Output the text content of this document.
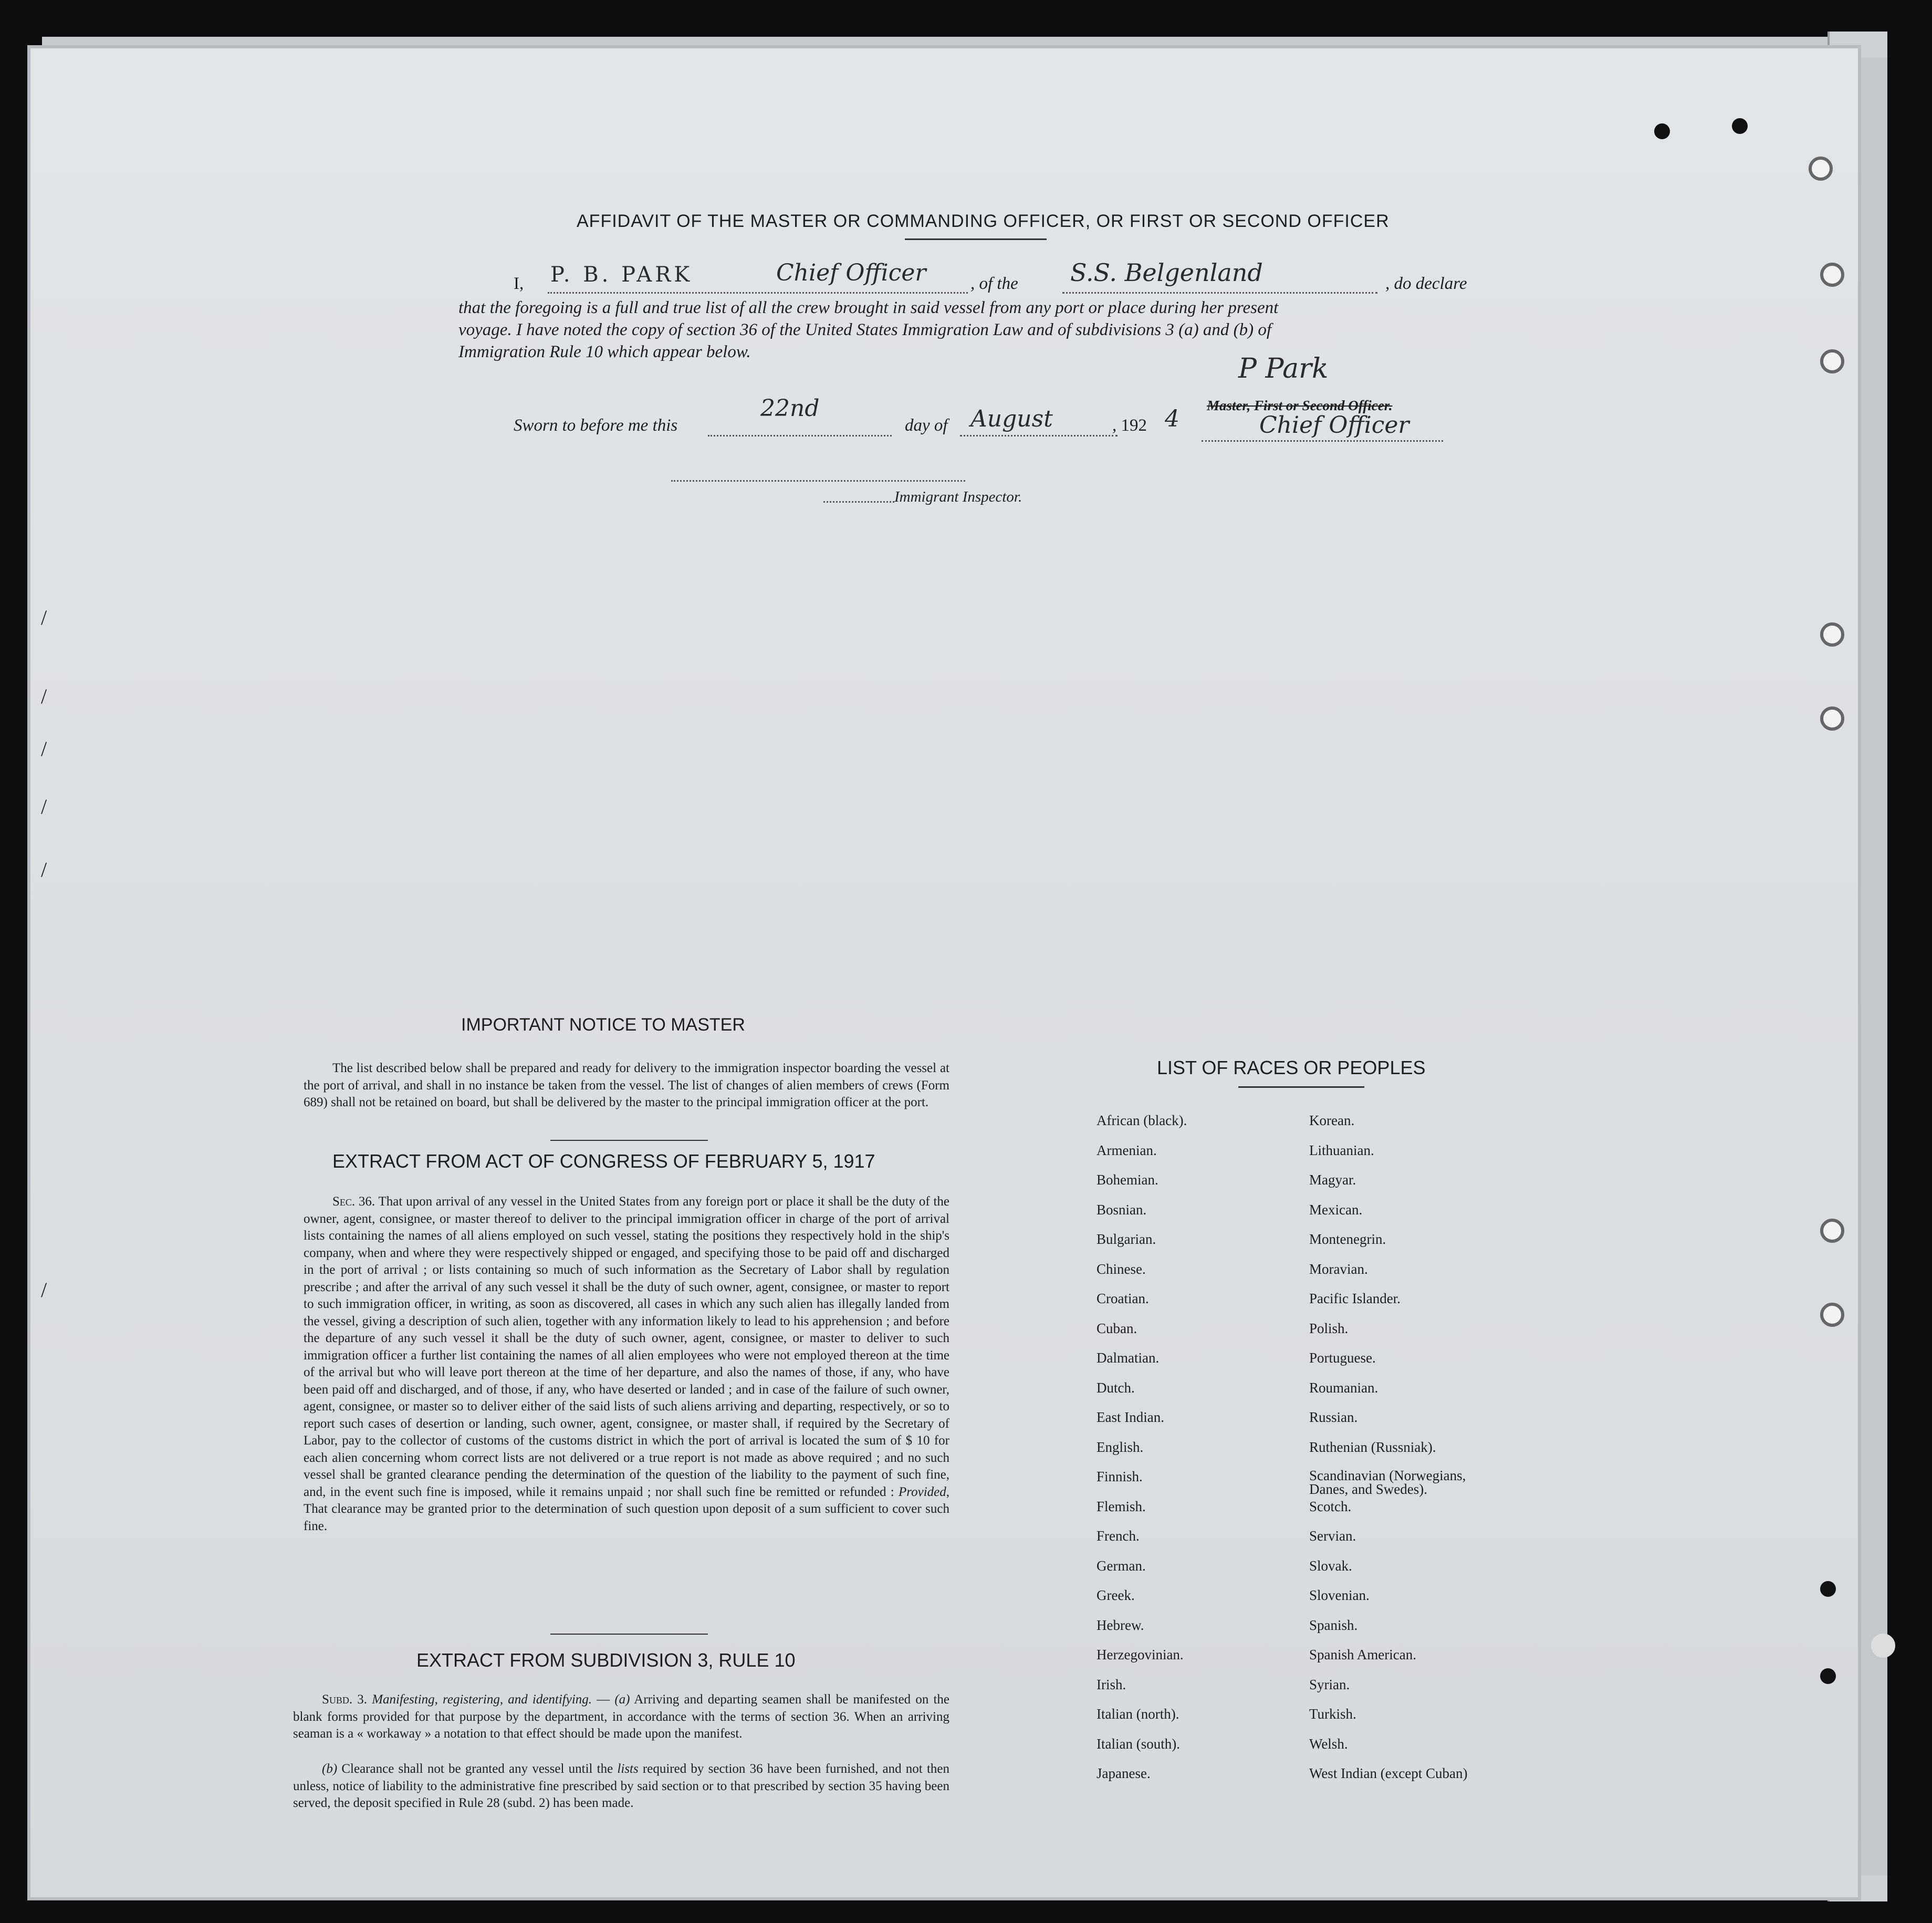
AFFIDAVIT OF THE MASTER OR COMMANDING OFFICER, OR FIRST OR SECOND OFFICER
I, P. B. PARK	Chief Officer	, of the S.S. Belgenland	, do declare
that the foregoing is a full and true list of all the crew brought in said vessel from any port or place during her present
voyage. I have noted the copy of section 36 of the United States Immigration Law and of subdivisions 3 (a) and (b) of
Immigration Rule 10 which appear below.
Sworn to before me this
22nd
day of August	, 192 4
P Park
Master, First or Second Officer.
Chief Officer
Immigrant Inspector.
IMPORTANT NOTICE TO MASTER
The list described below shall be prepared and ready for delivery to the immigration inspector boarding the vessel at the port of arrival, and shall in no instance be taken from the vessel. The list of changes of alien members of crews (Form 689) shall not be retained on board, but shall be delivered by the master to the principal immigration officer at the port.
EXTRACT FROM ACT OF CONGRESS OF FEBRUARY 5, 1917
Sec. 36. That upon arrival of any vessel in the United States from any foreign port or place it shall be the duty of the owner, agent, consignee, or master thereof to deliver to the principal immigration officer in charge of the port of arrival lists containing the names of all aliens employed on such vessel, stating the positions they respectively hold in the ship's company, when and where they were respectively shipped or engaged, and specifying those to be paid off and discharged in the port of arrival ; or lists containing so much of such information as the Secretary of Labor shall by regulation prescribe ; and after the arrival of any such vessel it shall be the duty of such owner, agent, consignee, or master to report to such immigration officer, in writing, as soon as discovered, all cases in which any such alien has illegally landed from the vessel, giving a description of such alien, together with any information likely to lead to his apprehension ; and before the departure of any such vessel it shall be the duty of such owner, agent, consignee, or master to deliver to such immigration officer a further list containing the names of all alien employees who were not employed thereon at the time of the arrival but who will leave port thereon at the time of her departure, and also the names of those, if any, who have been paid off and discharged, and of those, if any, who have deserted or landed ; and in case of the failure of such owner, agent, consignee, or master so to deliver either of the said lists of such aliens arriving and departing, respectively, or so to report such cases of desertion or landing, such owner, agent, consignee, or master shall, if required by the Secretary of Labor, pay to the collector of customs of the customs district in which the port of arrival is located the sum of $ 10 for each alien concerning whom correct lists are not delivered or a true report is not made as above required ; and no such vessel shall be granted clearance pending the determination of the question of the liability to the payment of such fine, and, in the event such fine is imposed, while it remains unpaid ; nor shall such fine be remitted or refunded : Provided, That clearance may be granted prior to the determination of such question upon deposit of a sum sufficient to cover such fine.
EXTRACT FROM SUBDIVISION 3, RULE 10
Subd. 3. Manifesting, registering, and identifying. — (a) Arriving and departing seamen shall be manifested on the blank forms provided for that purpose by the department, in accordance with the terms of section 36. When an arriving seaman is a « workaway » a notation to that effect should be made upon the manifest.
(b) Clearance shall not be granted any vessel until the lists required by section 36 have been furnished, and not then unless, notice of liability to the administrative fine prescribed by said section or to that prescribed by section 35 having been served, the deposit specified in Rule 28 (subd. 2) has been made.
LIST OF RACES OR PEOPLES
African (black).
Armenian.
Bohemian.
Bosnian.
Bulgarian.
Chinese.
Croatian.
Cuban.
Dalmatian.
Dutch.
East Indian.
English.
Finnish.
Flemish.
French.
German.
Greek.
Hebrew.
Herzegovinian.
Irish.
Italian (north).
Italian (south).
Japanese.
Korean.
Lithuanian.
Magyar.
Mexican.
Montenegrin.
Moravian.
Pacific Islander.
Polish.
Portuguese.
Roumanian.
Russian.
Ruthenian (Russniak).
Scandinavian (Norwegians, Danes, and Swedes).
Scotch.
Servian.
Slovak.
Slovenian.
Spanish.
Spanish American.
Syrian.
Turkish.
Welsh.
West Indian (except Cuban)
/
/
/
/
/
/
